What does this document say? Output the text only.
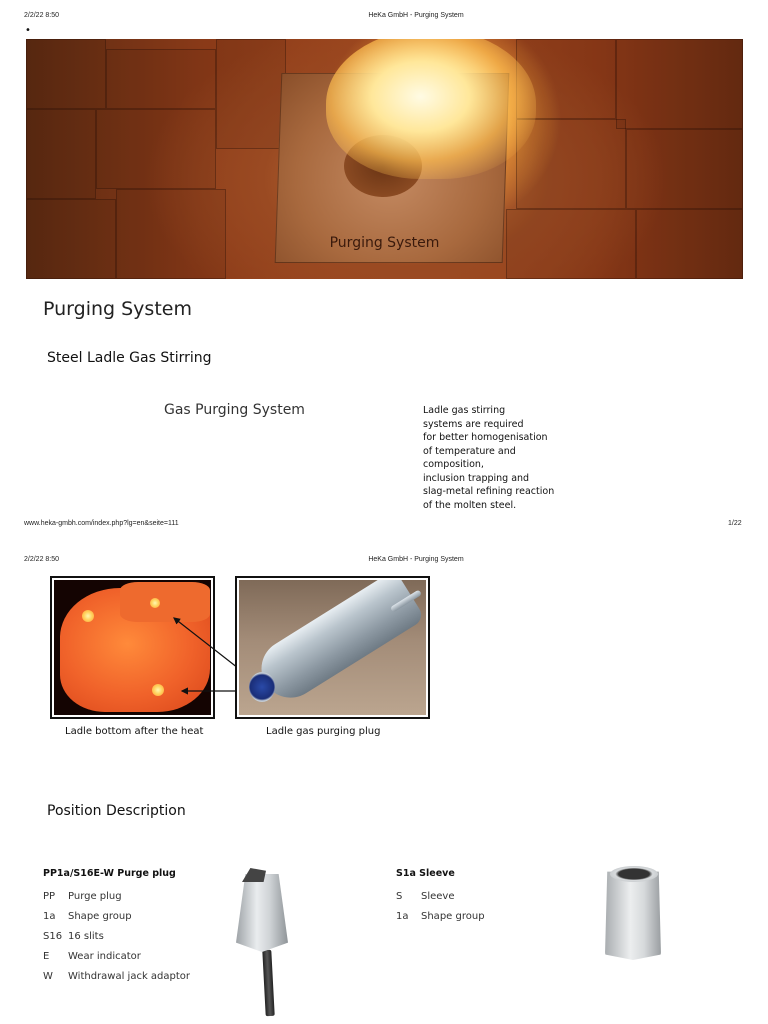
2/2/22 8:50	HeKa GmbH - Purging System
•
Purging System
Purging System
Steel Ladle Gas Stirring
Gas Purging System	Ladle gas stirring
systems are required
for better homogenisation
of temperature and
composition,
inclusion trapping and
slag-metal refining reaction
of the molten steel.
www.heka-gmbh.com/index.php?lg=en&seite=111	1/22
2/2/22 8:50	HeKa GmbH - Purging System
Ladle bottom after the heat	Ladle gas purging plug
Position Description
PP1a/S16E-W Purge plug
PP Purge plug
1a Shape group
S16 16 slits
E Wear indicator
W Withdrawal jack adaptor
S1a Sleeve
S Sleeve
1a Shape group
